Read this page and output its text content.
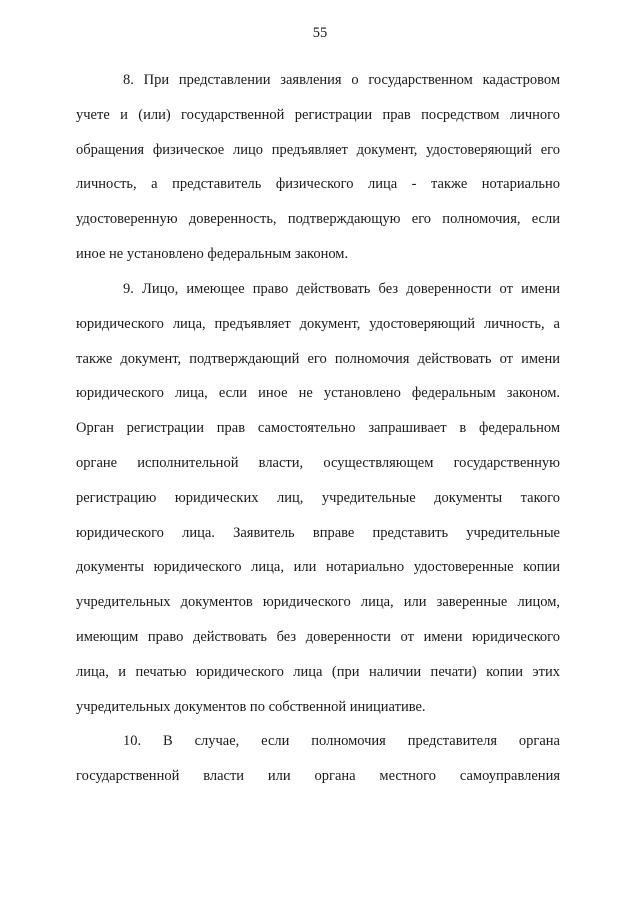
55

8. При представлении заявления о государственном кадастровом
учете и (или) государственной регистрации прав посредством личного
обращения физическое лицо предъявляет документ, удостоверяющий его
личность, а представитель физического лица - также нотариально
удостоверенную доверенность, подтверждающую его полномочия, если
иное не установлено федеральным законом.

9. Лицо, имеющее право действовать без доверенности от имени
юридического лица, предъявляет документ, удостоверяющий личность, а
также документ, подтверждающий его полномочия действовать от имени
юридического лица, если иное не установлено федеральным законом.
Орган регистрации прав самостоятельно запрашивает в федеральном
органе исполнительной власти, осуществляющем государственную
регистрацию юридических лиц, учредительные документы такого
юридического лица. Заявитель вправе представить учредительные
документы юридического лица, или нотариально удостоверенные копии
учредительных документов юридического лица, или заверенные лицом,
имеющим право действовать без доверенности от имени юридического
лица, и печатью юридического лица (при наличии печати) копии этих
учредительных документов по собственной инициативе.

10. В случае, если полномочия представителя органа
государственной власти или органа местного самоуправления
